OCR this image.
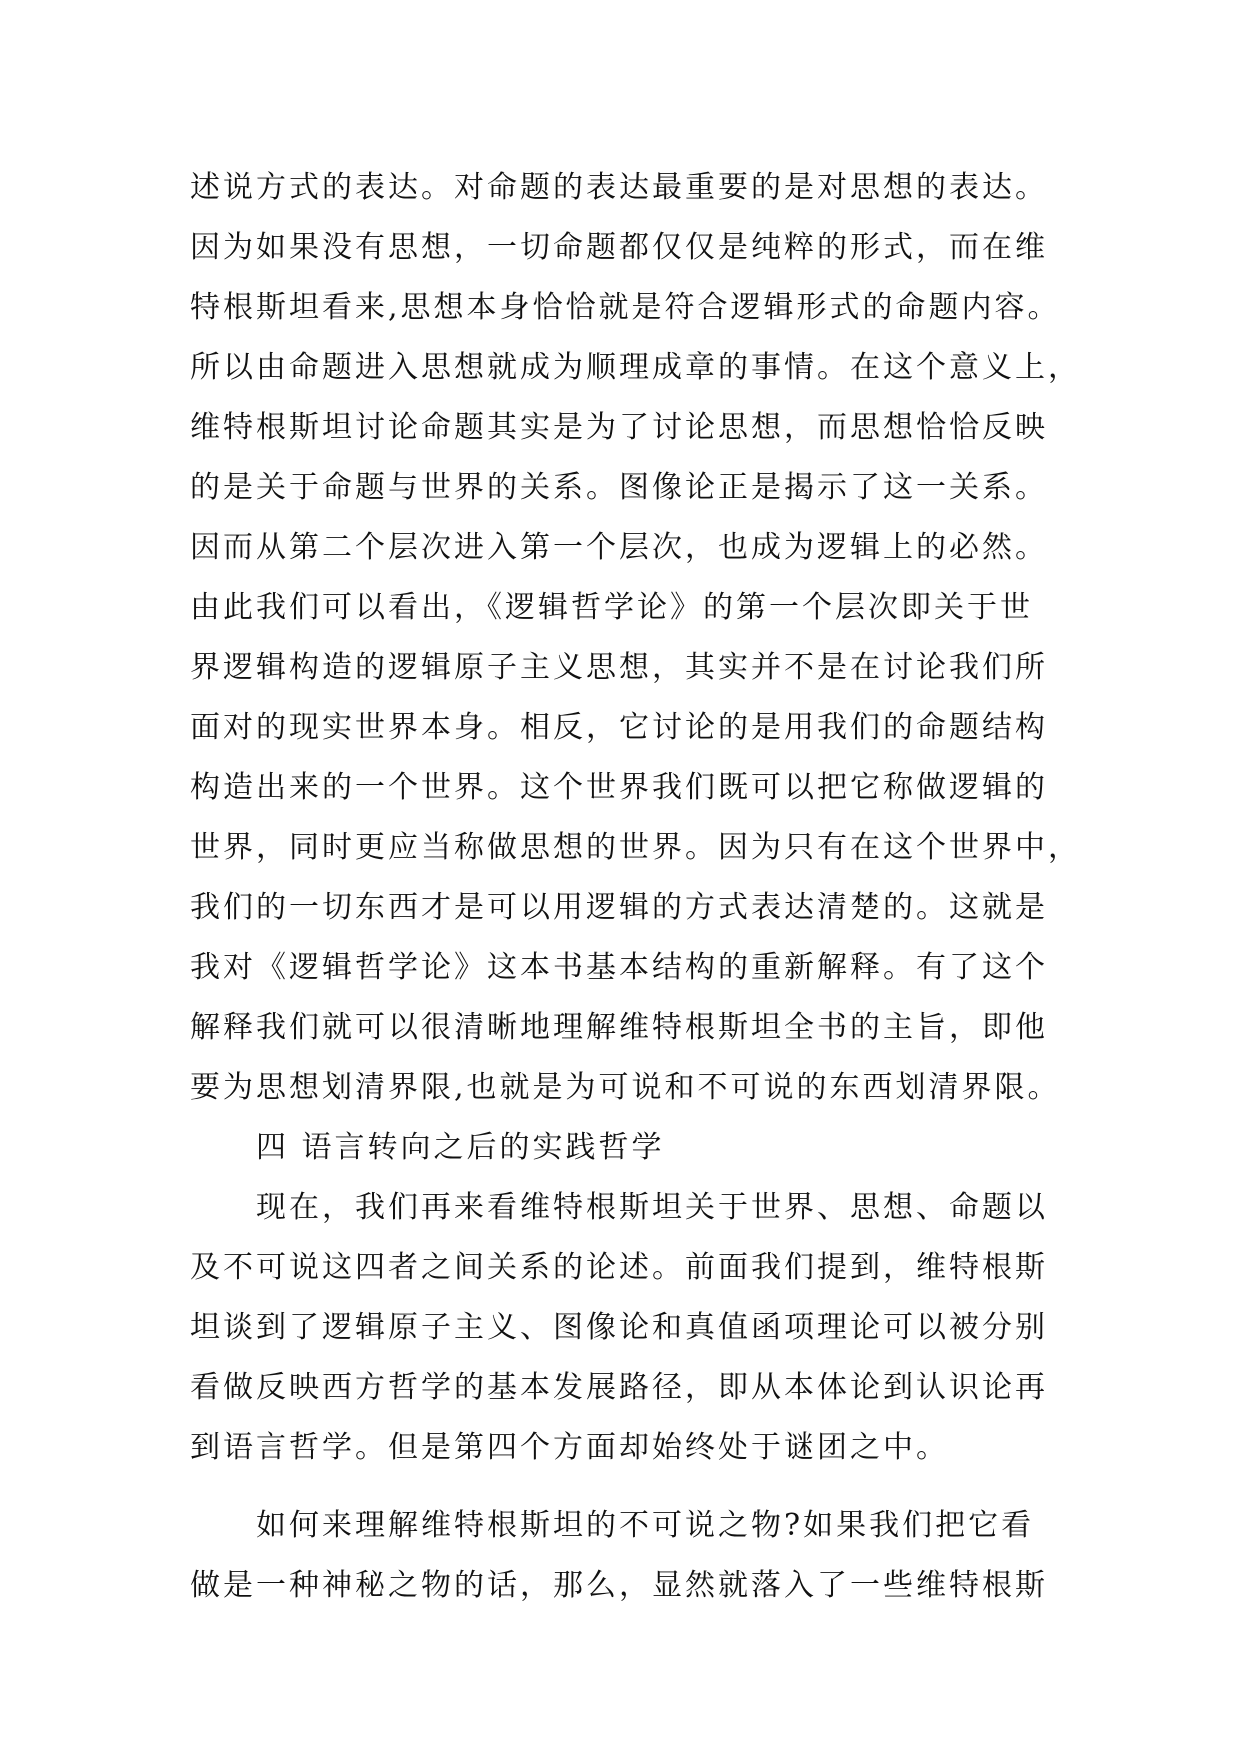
述说方式的表达。对命题的表达最重要的是对思想的表达。
因为如果没有思想，一切命题都仅仅是纯粹的形式，而在维
特根斯坦看来,思想本身恰恰就是符合逻辑形式的命题内容。
所以由命题进入思想就成为顺理成章的事情。在这个意义上，
维特根斯坦讨论命题其实是为了讨论思想，而思想恰恰反映
的是关于命题与世界的关系。图像论正是揭示了这一关系。
因而从第二个层次进入第一个层次，也成为逻辑上的必然。
由此我们可以看出，《逻辑哲学论》的第一个层次即关于世
界逻辑构造的逻辑原子主义思想，其实并不是在讨论我们所
面对的现实世界本身。相反，它讨论的是用我们的命题结构
构造出来的一个世界。这个世界我们既可以把它称做逻辑的
世界，同时更应当称做思想的世界。因为只有在这个世界中，
我们的一切东西才是可以用逻辑的方式表达清楚的。这就是
我对《逻辑哲学论》这本书基本结构的重新解释。有了这个
解释我们就可以很清晰地理解维特根斯坦全书的主旨，即他
要为思想划清界限,也就是为可说和不可说的东西划清界限。
四 语言转向之后的实践哲学
现在，我们再来看维特根斯坦关于世界、思想、命题以
及不可说这四者之间关系的论述。前面我们提到，维特根斯
坦谈到了逻辑原子主义、图像论和真值函项理论可以被分别
看做反映西方哲学的基本发展路径，即从本体论到认识论再
到语言哲学。但是第四个方面却始终处于谜团之中。
如何来理解维特根斯坦的不可说之物?如果我们把它看
做是一种神秘之物的话，那么，显然就落入了一些维特根斯
